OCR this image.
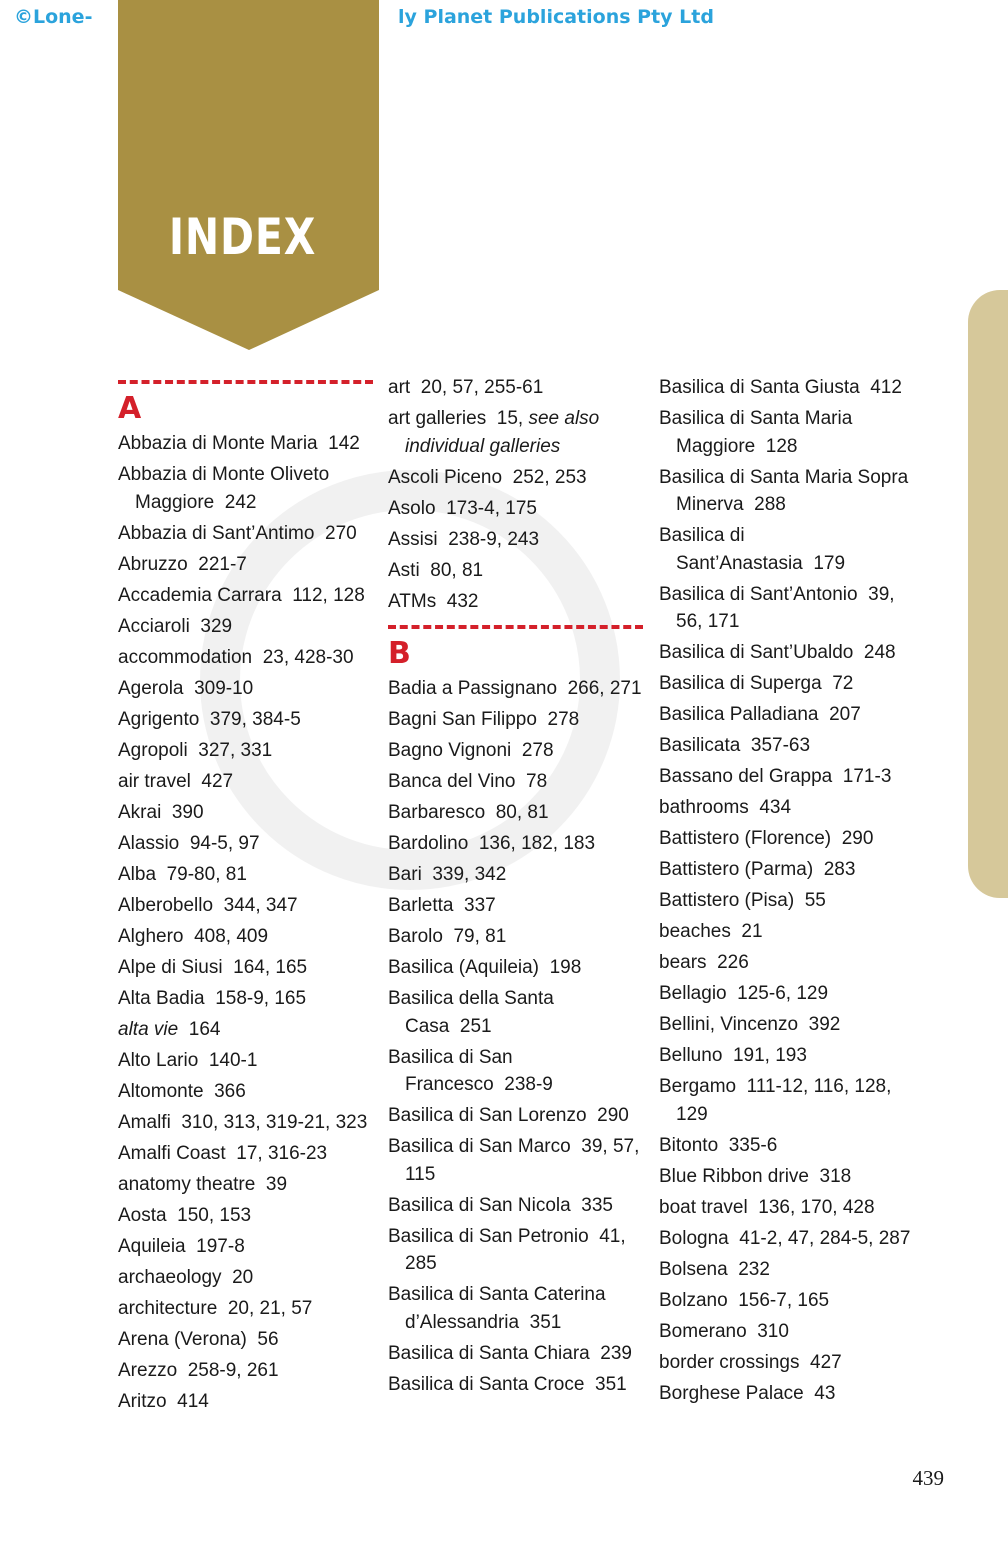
©Lone-	ly Planet Publications Pty Ltd
INDEX
A
Abbazia di Monte Maria 142
Abbazia di Monte Oliveto Maggiore 242
Abbazia di Sant’Antimo 270
Abruzzo 221-7
Accademia Carrara 112, 128
Acciaroli 329
accommodation 23, 428-30
Agerola 309-10
Agrigento 379, 384-5
Agropoli 327, 331
air travel 427
Akrai 390
Alassio 94-5, 97
Alba 79-80, 81
Alberobello 344, 347
Alghero 408, 409
Alpe di Siusi 164, 165
Alta Badia 158-9, 165
alta vie 164
Alto Lario 140-1
Altomonte 366
Amalfi 310, 313, 319-21, 323
Amalfi Coast 17, 316-23
anatomy theatre 39
Aosta 150, 153
Aquileia 197-8
archaeology 20
architecture 20, 21, 57
Arena (Verona) 56
Arezzo 258-9, 261
Aritzo 414
art 20, 57, 255-61
art galleries 15, see also individual galleries
Ascoli Piceno 252, 253
Asolo 173-4, 175
Assisi 238-9, 243
Asti 80, 81
ATMs 432
B
Badia a Passignano 266, 271
Bagni San Filippo 278
Bagno Vignoni 278
Banca del Vino 78
Barbaresco 80, 81
Bardolino 136, 182, 183
Bari 339, 342
Barletta 337
Barolo 79, 81
Basilica (Aquileia) 198
Basilica della Santa Casa 251
Basilica di San Francesco 238-9
Basilica di San Lorenzo 290
Basilica di San Marco 39, 57, 115
Basilica di San Nicola 335
Basilica di San Petronio 41, 285
Basilica di Santa Caterina d’Alessandria 351
Basilica di Santa Chiara 239
Basilica di Santa Croce 351
Basilica di Santa Giusta 412
Basilica di Santa Maria Maggiore 128
Basilica di Santa Maria Sopra Minerva 288
Basilica di Sant’Anastasia 179
Basilica di Sant’Antonio 39, 56, 171
Basilica di Sant’Ubaldo 248
Basilica di Superga 72
Basilica Palladiana 207
Basilicata 357-63
Bassano del Grappa 171-3
bathrooms 434
Battistero (Florence) 290
Battistero (Parma) 283
Battistero (Pisa) 55
beaches 21
bears 226
Bellagio 125-6, 129
Bellini, Vincenzo 392
Belluno 191, 193
Bergamo 111-12, 116, 128, 129
Bitonto 335-6
Blue Ribbon drive 318
boat travel 136, 170, 428
Bologna 41-2, 47, 284-5, 287
Bolsena 232
Bolzano 156-7, 165
Bomerano 310
border crossings 427
Borghese Palace 43
439
